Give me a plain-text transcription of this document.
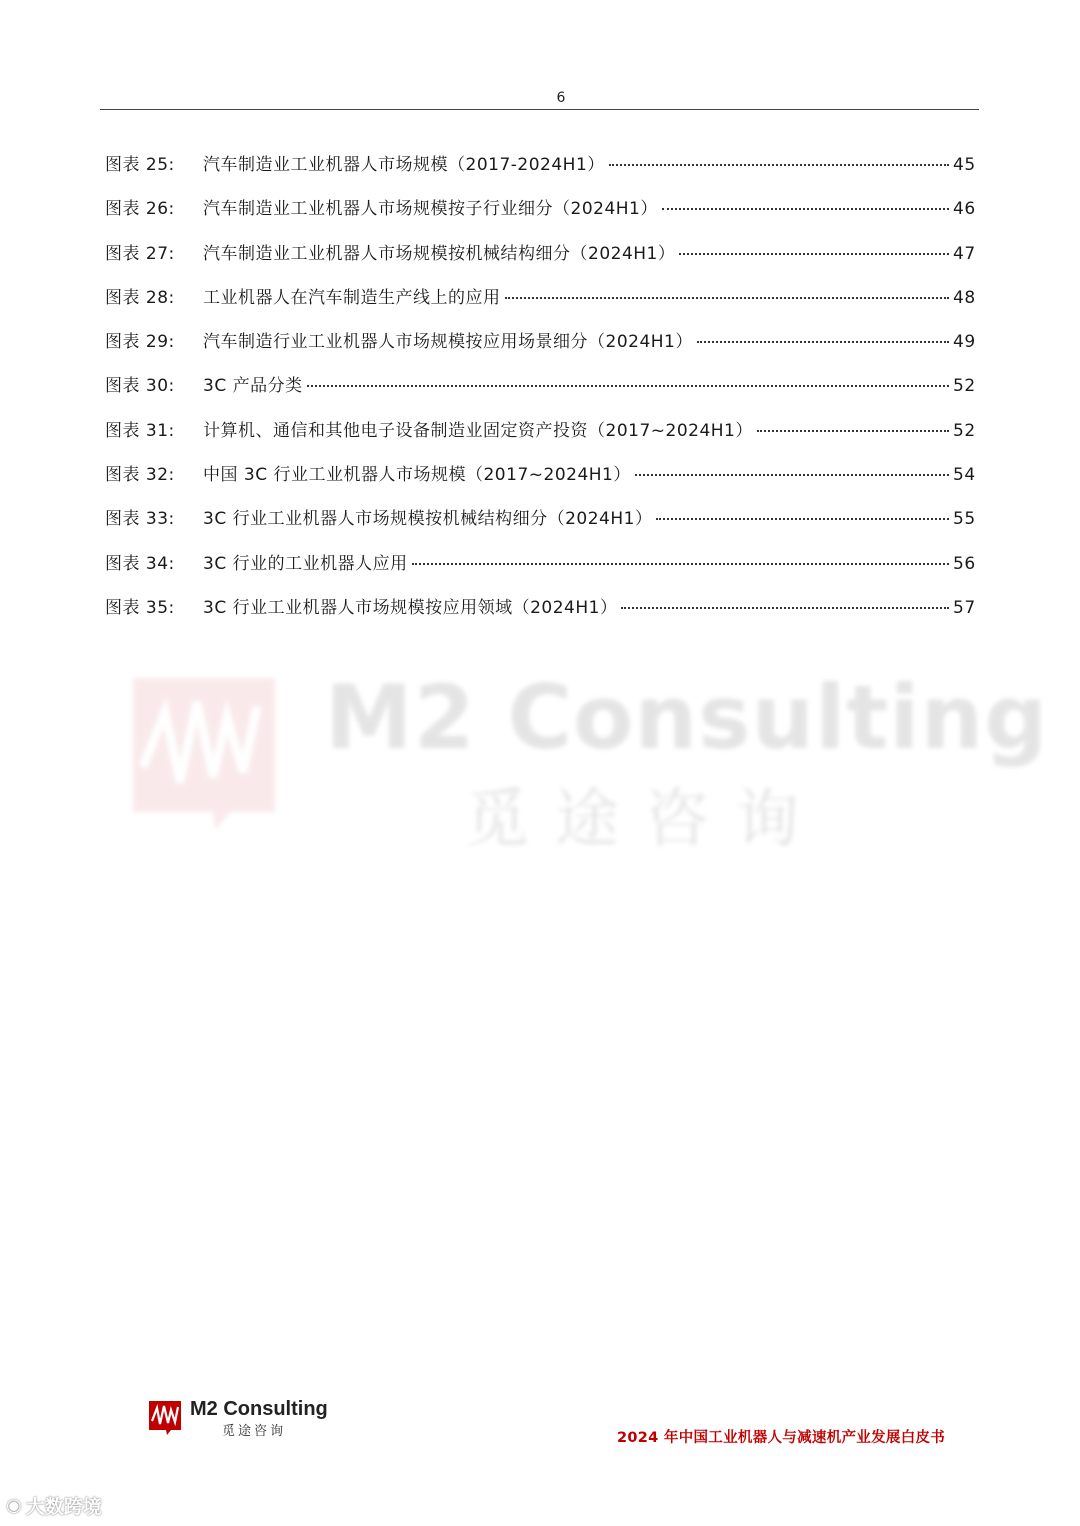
6
图表 25:	汽车制造业工业机器人市场规模（2017-2024H1）	45
图表 26:	汽车制造业工业机器人市场规模按子行业细分（2024H1）	46
图表 27:	汽车制造业工业机器人市场规模按机械结构细分（2024H1）	47
图表 28:	工业机器人在汽车制造生产线上的应用	48
图表 29:	汽车制造行业工业机器人市场规模按应用场景细分（2024H1）	49
图表 30:	3C 产品分类	52
图表 31:	计算机、通信和其他电子设备制造业固定资产投资（2017~2024H1）	52
图表 32:	中国 3C 行业工业机器人市场规模（2017~2024H1）	54
图表 33:	3C 行业工业机器人市场规模按机械结构细分（2024H1）	55
图表 34:	3C 行业的工业机器人应用	56
图表 35:	3C 行业工业机器人市场规模按应用领域（2024H1）	57
M2 Consulting
觅途咨询
M2 Consulting
觅途咨询	2024 年中国工业机器人与减速机产业发展白皮书
◉ 大数跨境
